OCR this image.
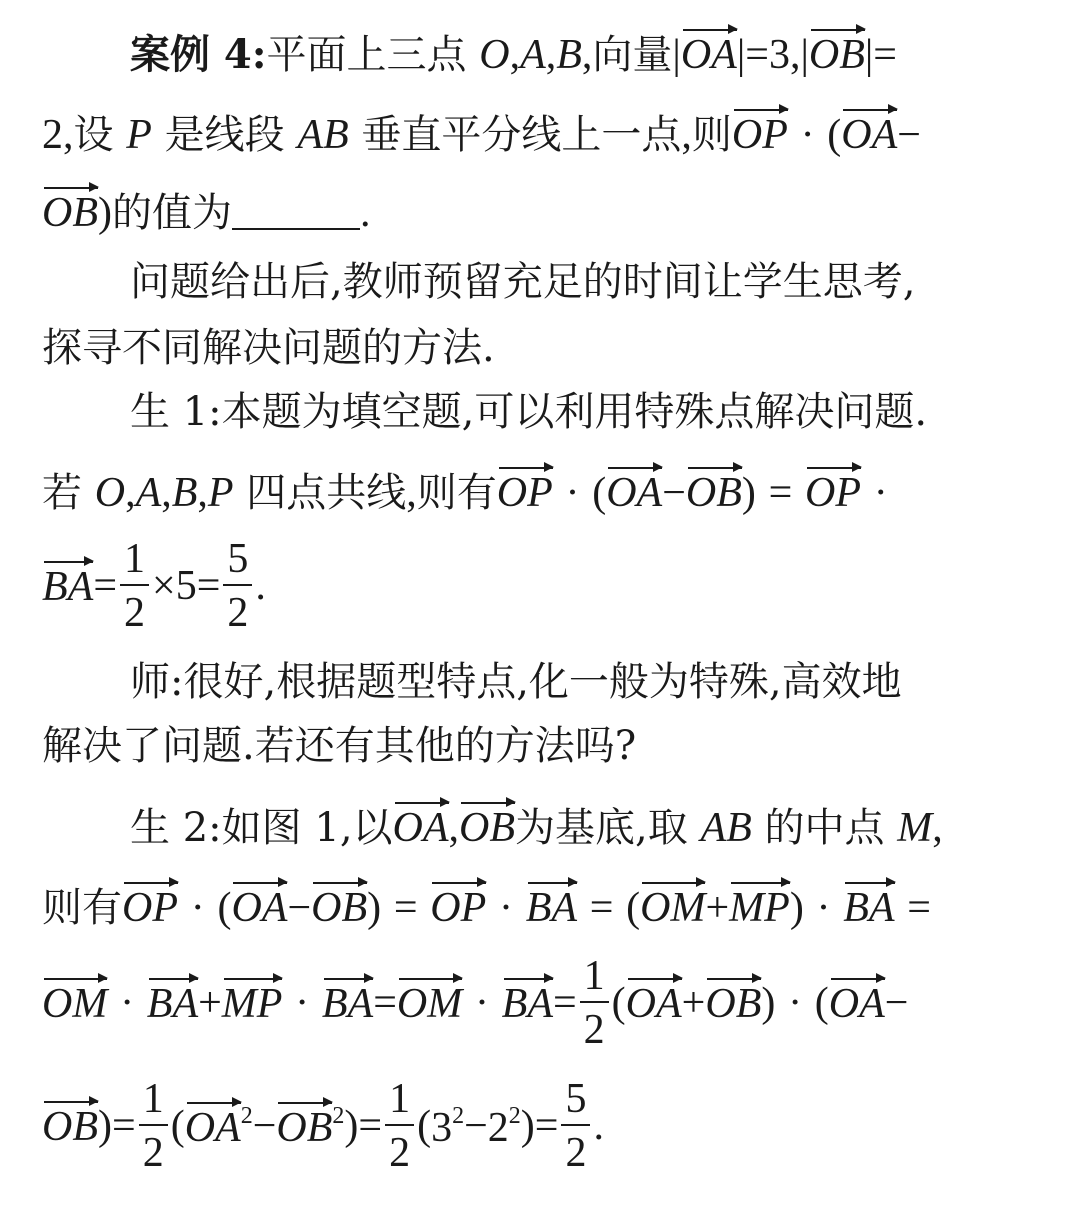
案例 4:平面上三点 O,A,B,向量|OA|=3,|OB|=
2,设 P 是线段 AB 垂直平分线上一点,则OP · (OA−
OB)的值为	.
问题给出后,教师预留充足的时间让学生思考,
探寻不同解决问题的方法.
生 1:本题为填空题,可以利用特殊点解决问题.
若 O,A,B,P 四点共线,则有OP · (OA−OB) = OP ·
$BA= \frac{1}{2} \times 5= \frac{5}{2}$ .
师:很好,根据题型特点,化一般为特殊,高效地
解决了问题.若还有其他的方法吗?
生 2:如图 1,以OA,OB为基底,取 AB 的中点 M,
则有OP · (OA−OB) = OP · BA = (OM+MP) · BA =
OM · $BA+MP \cdot BA=OM \cdot BA= \frac{1}{2} (OA+OB) \cdot (OA-$
$OB)= \frac{1}{2} (OA^2-OB^2)= \frac{1}{2} (3^2-2^2)= \frac{5}{2}$ .
